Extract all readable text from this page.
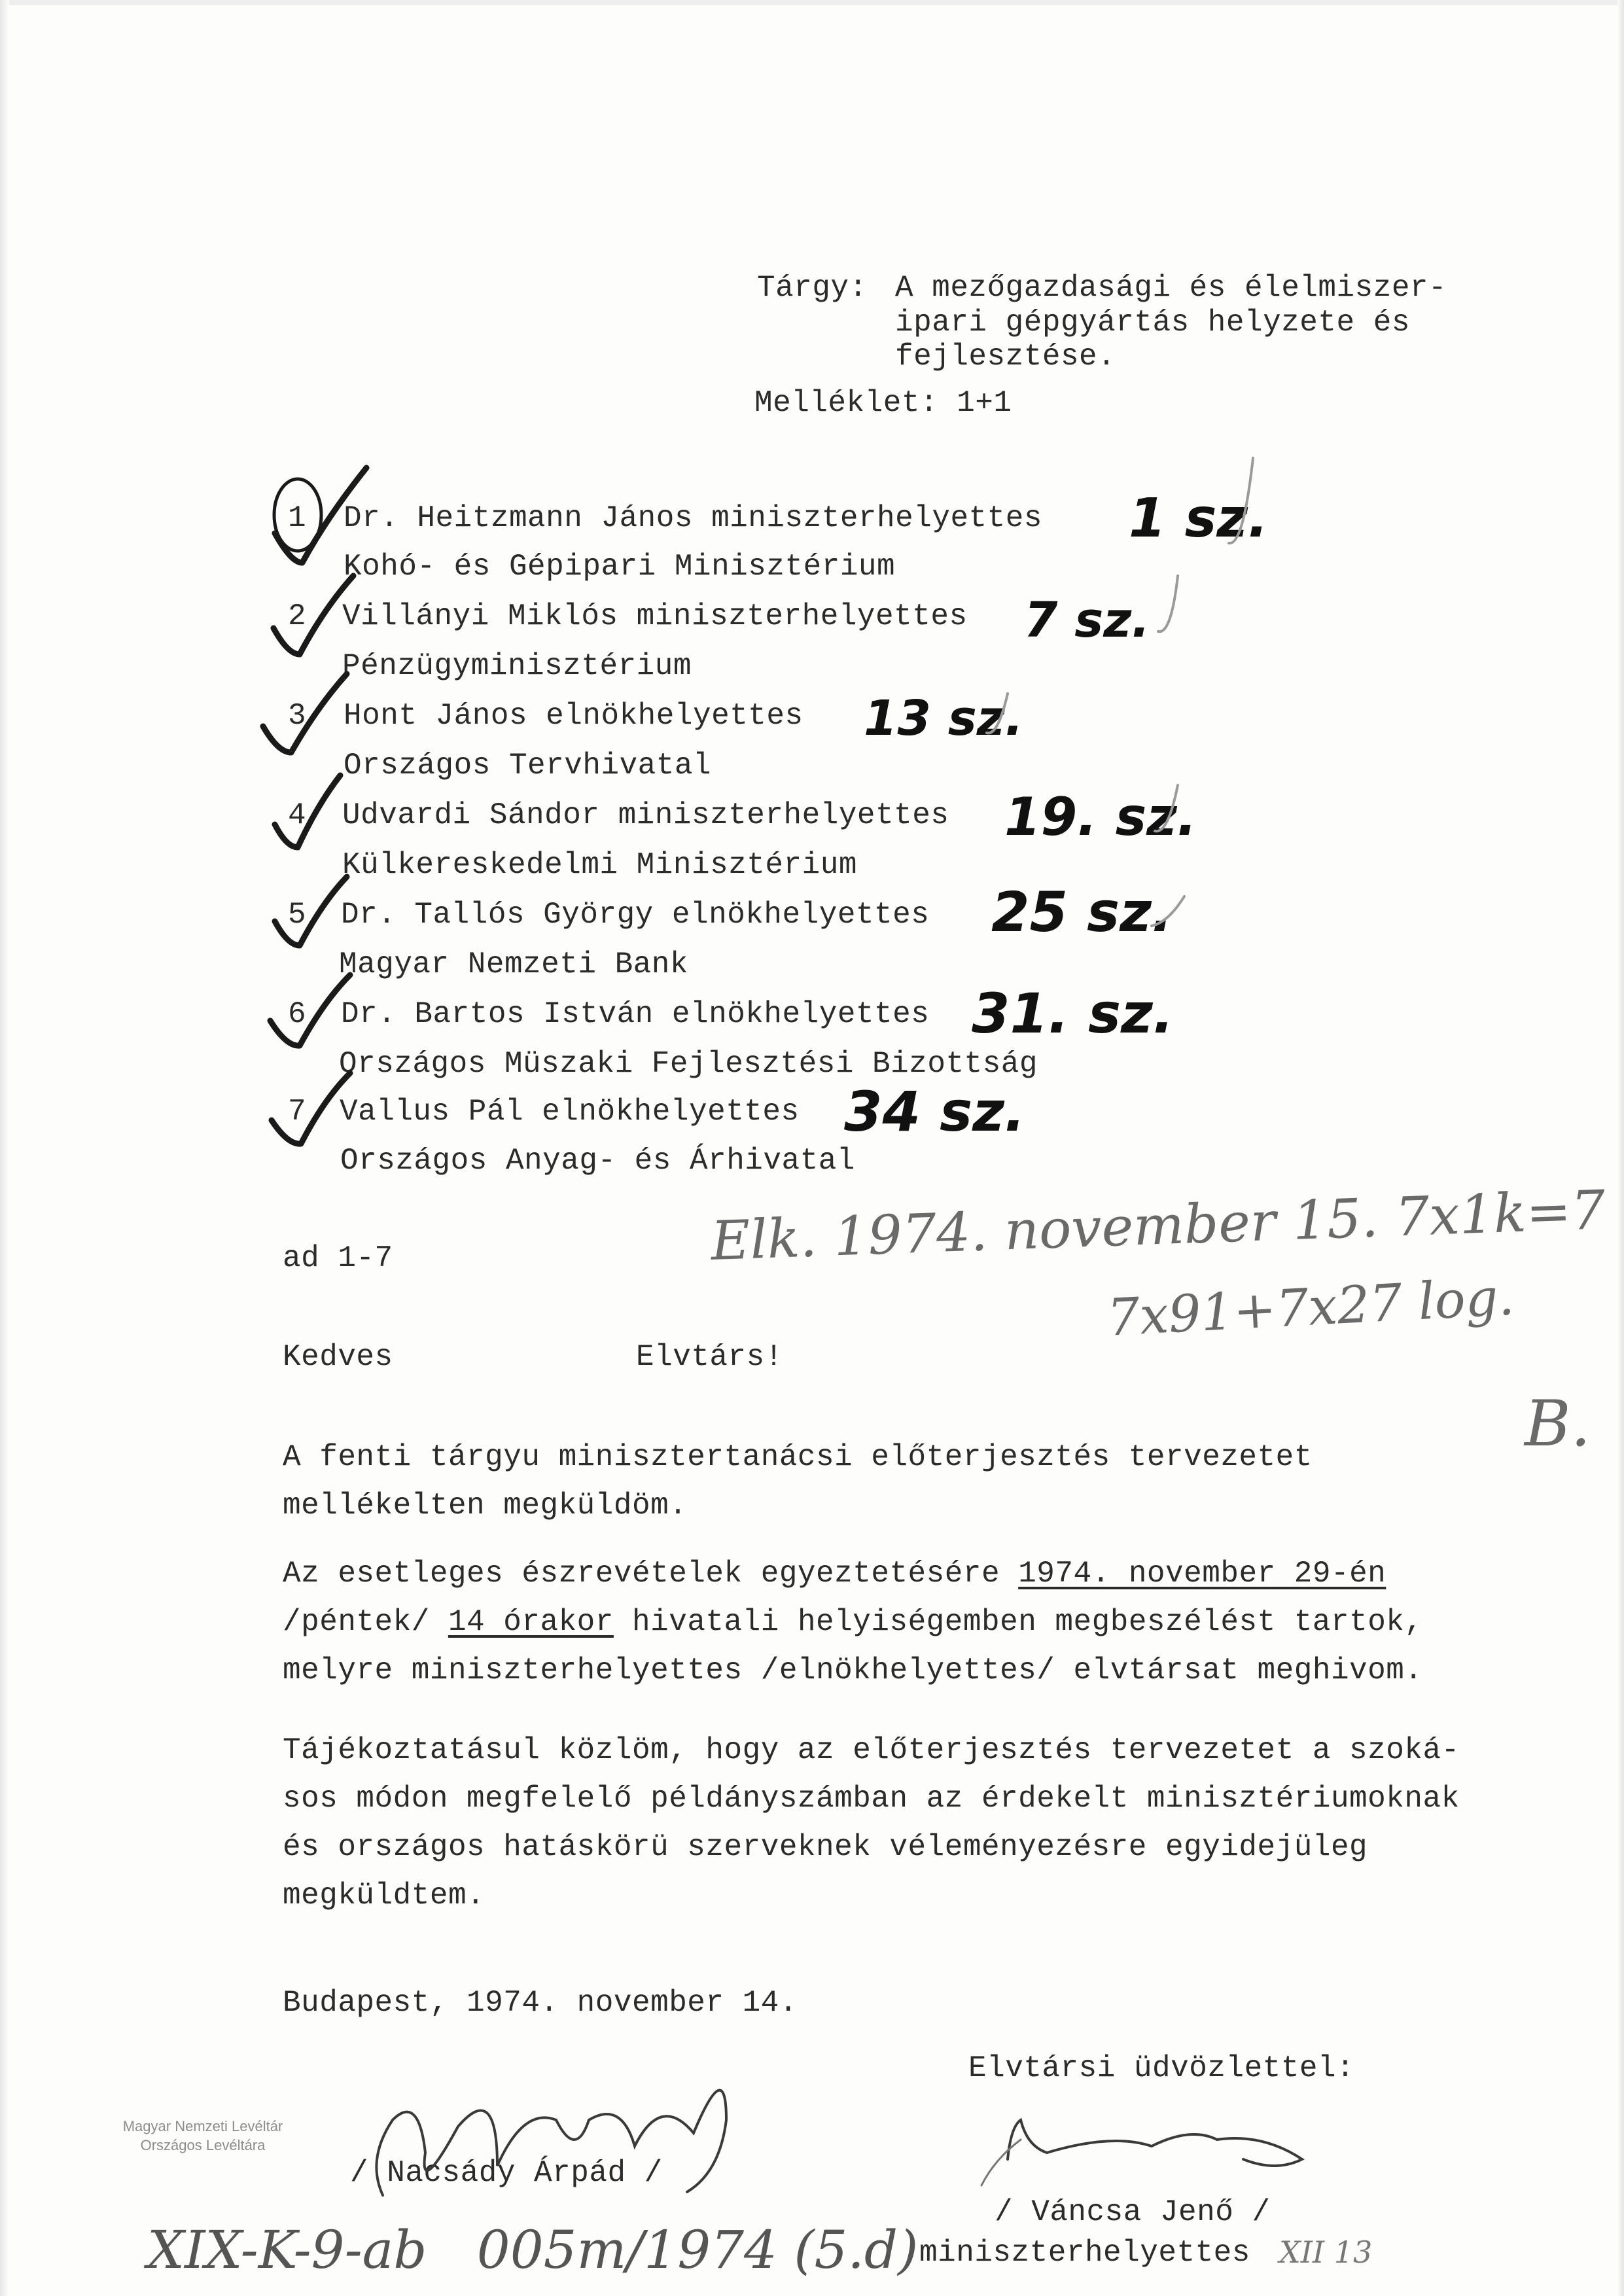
Tárgy: A mezőgazdasági és élelmiszer-
ipari gépgyártás helyzete és
fejlesztése.
Melléklet: 1+1
1 Dr. Heitzmann János miniszterhelyettes
Kohó- és Gépipari Minisztérium
1 sz.
2 Villányi Miklós miniszterhelyettes
Pénzügyminisztérium
7 sz.
3 Hont János elnökhelyettes
Országos Tervhivatal
13 sz.
4 Udvardi Sándor miniszterhelyettes
Külkereskedelmi Minisztérium
19. sz.
5 Dr. Tallós György elnökhelyettes
Magyar Nemzeti Bank
25 sz.
6 Dr. Bartos István elnökhelyettes
Országos Müszaki Fejlesztési Bizottság
31. sz.
7 Vallus Pál elnökhelyettes
Országos Anyag- és Árhivatal
34 sz.
ad 1-7
Kedves	Elvtárs!
A fenti tárgyu minisztertanácsi előterjesztés tervezetet
mellékelten megküldöm.
Az esetleges észrevételek egyeztetésére 1974. november 29-én
/péntek/ 14 órakor hivatali helyiségemben megbeszélést tartok,
melyre miniszterhelyettes /elnökhelyettes/ elvtársat meghivom.
Tájékoztatásul közlöm, hogy az előterjesztés tervezetet a szoká-
sos módon megfelelő példányszámban az érdekelt minisztériumoknak
és országos hatáskörü szerveknek véleményezésre egyidejüleg
megküldtem.
Budapest, 1974. november 14.
Elvtársi üdvözlettel:
/ Nacsády Árpád /
/ Váncsa Jenő /
miniszterhelyettes
Elk. 1974. november 15. 7x1k=7
7x91+7x27 log.
B.
XIX-K-9-ab   005m/1974 (5.d)	XII 13
Magyar Nemzeti Levéltár
Országos Levéltára
